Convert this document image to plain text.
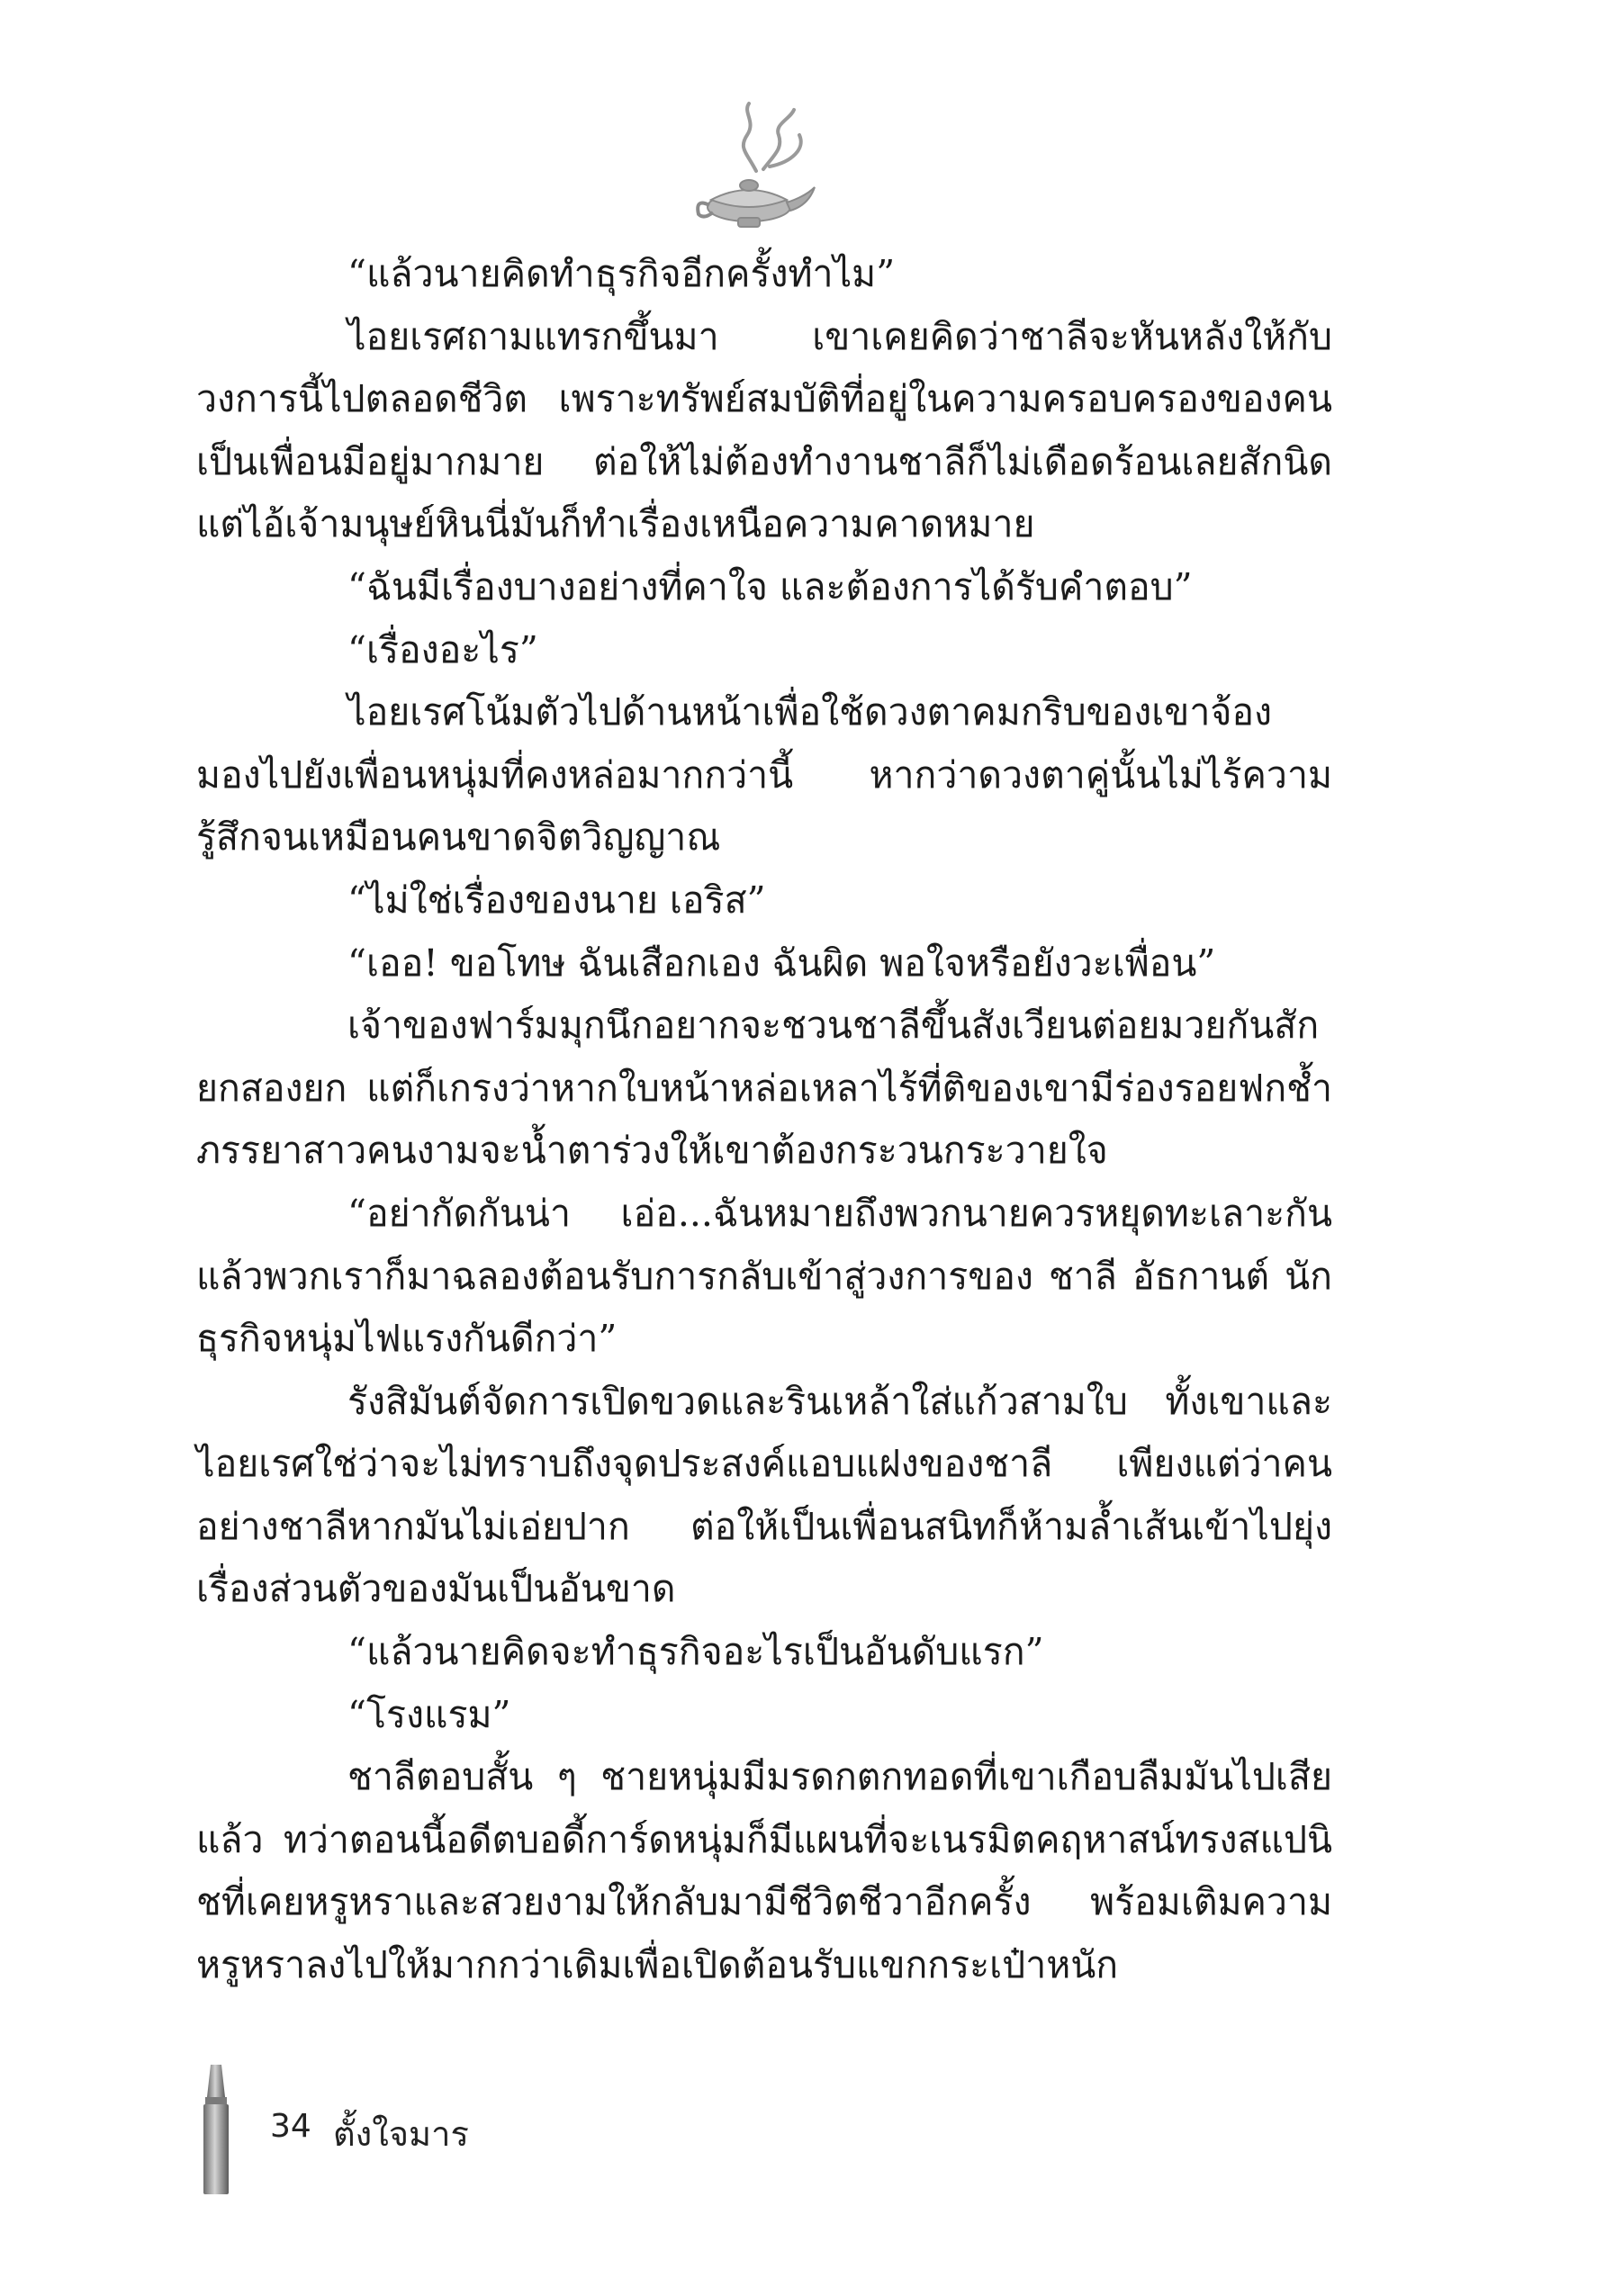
“แล้วนายคิดทำธุรกิจอีกครั้งทำไม”

ไอยเรศถามแทรกขึ้นมา เขาเคยคิดว่าชาลีจะหันหลังให้กับวงการนี้ไปตลอดชีวิต เพราะทรัพย์สมบัติที่อยู่ในความครอบครองของคนเป็นเพื่อนมีอยู่มากมาย ต่อให้ไม่ต้องทำงานชาลีก็ไม่เดือดร้อนเลยสักนิด แต่ไอ้เจ้ามนุษย์หินนี่มันก็ทำเรื่องเหนือความคาดหมาย

“ฉันมีเรื่องบางอย่างที่คาใจ และต้องการได้รับคำตอบ”

“เรื่องอะไร”

ไอยเรศโน้มตัวไปด้านหน้าเพื่อใช้ดวงตาคมกริบของเขาจ้องมองไปยังเพื่อนหนุ่มที่คงหล่อมากกว่านี้ หากว่าดวงตาคู่นั้นไม่ไร้ความรู้สึกจนเหมือนคนขาดจิตวิญญาณ

“ไม่ใช่เรื่องของนาย เอริส”

“เออ! ขอโทษ ฉันเสือกเอง ฉันผิด พอใจหรือยังวะเพื่อน”

เจ้าของฟาร์มมุกนึกอยากจะชวนชาลีขึ้นสังเวียนต่อยมวยกันสักยกสองยก แต่ก็เกรงว่าหากใบหน้าหล่อเหลาไร้ที่ติของเขามีร่องรอยฟกช้ำ ภรรยาสาวคนงามจะน้ำตาร่วงให้เขาต้องกระวนกระวายใจ

“อย่ากัดกันน่า เอ่อ...ฉันหมายถึงพวกนายควรหยุดทะเลาะกันแล้วพวกเราก็มาฉลองต้อนรับการกลับเข้าสู่วงการของ ชาลี อัธกานต์ นักธุรกิจหนุ่มไฟแรงกันดีกว่า”

รังสิมันต์จัดการเปิดขวดและรินเหล้าใส่แก้วสามใบ ทั้งเขาและไอยเรศใช่ว่าจะไม่ทราบถึงจุดประสงค์แอบแฝงของชาลี เพียงแต่ว่าคนอย่างชาลีหากมันไม่เอ่ยปาก ต่อให้เป็นเพื่อนสนิทก็ห้ามล้ำเส้นเข้าไปยุ่งเรื่องส่วนตัวของมันเป็นอันขาด

“แล้วนายคิดจะทำธุรกิจอะไรเป็นอันดับแรก”

“โรงแรม”

ชาลีตอบสั้น ๆ ชายหนุ่มมีมรดกตกทอดที่เขาเกือบลืมมันไปเสียแล้ว ทว่าตอนนี้อดีตบอดี้การ์ดหนุ่มก็มีแผนที่จะเนรมิตคฤหาสน์ทรงสแปนิชที่เคยหรูหราและสวยงามให้กลับมามีชีวิตชีวาอีกครั้ง พร้อมเติมความหรูหราลงไปให้มากกว่าเดิมเพื่อเปิดต้อนรับแขกกระเป๋าหนัก

34 ตั้งใจมาร
